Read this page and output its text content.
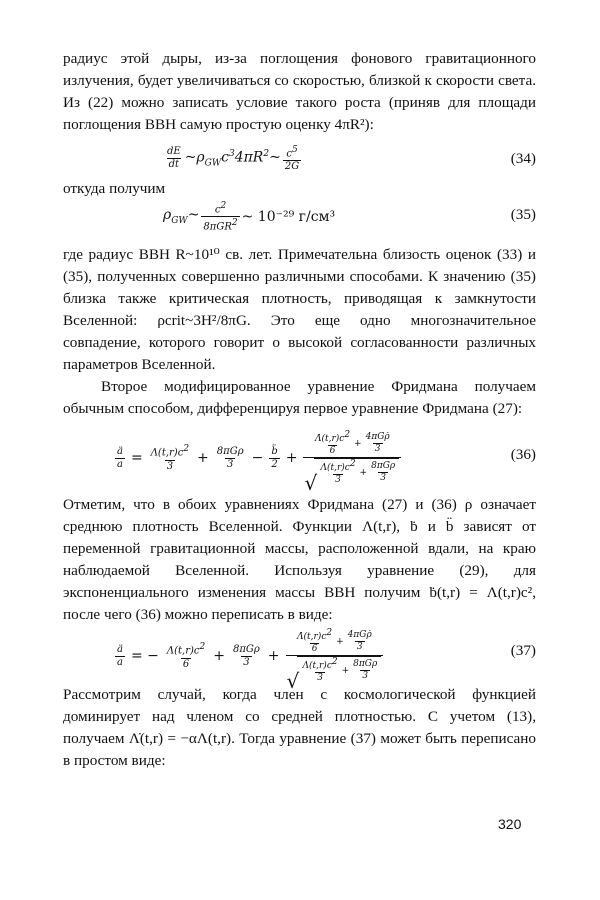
радиус этой дыры, из-за поглощения фонового гравитационного излучения, будет увеличиваться со скоростью, близкой к скорости света. Из (22) можно записать условие такого роста (приняв для площади поглощения ВВН самую простую оценку 4πR²):

$\frac{dE}{dt}$ $\sim\rho_{GW}c^34\pi R^2\sim \frac{c^5}{2G}$	(34)

откуда получим

$\rho_{GW}\sim \frac{c^2}{8\pi GR^2}$ ~ 10⁻²⁹ г/см³	(35)

где радиус ВВН R~10¹⁰ св. лет. Примечательна близость оценок (33) и (35), полученных совершенно различными способами. К значению (35) близка также критическая плотность, приводящая к замкнутости Вселенной: ρcrit~3H²/8πG. Это еще одно многозначительное совпадение, которого говорит о высокой согласованности различных параметров Вселенной.

Второе модифицированное уравнение Фридмана получаем обычным способом, дифференцируя первое уравнение Фридмана (27):

$\frac{ä}{a} = \frac{\Lambda(t,r)c^2}{3} + \frac{\text{8πGρ}}{3} - \frac{b̈}{2} + \frac{\Lambdȧ(t,r)c^2}{6} + \frac{\text{4πGρ̇}}{3}$
√ $\frac{\Lambda(t,r)c^2}{3} + \frac{\text{8πGρ}}{3}$	(36)

Отметим, что в обоих уравнениях Фридмана (27) и (36) ρ означает среднюю плотность Вселенной. Функции Λ(t,r), ḃ и b̈ зависят от переменной гравитационной массы, расположенной вдали, на краю наблюдаемой Вселенной. Используя уравнение (29), для экспоненциального изменения массы ВВН получим ḃ(t,r) = Λ(t,r)c², после чего (36) можно переписать в виде:

$\frac{ä}{a}$ = − $\frac{\Lambda(t,r)c^2}{6} + \frac{\text{8πGρ}}{3} + \frac{\Lambdȧ(t,r)c^2}{6} + \frac{\text{4πGρ̇}}{3}$
√ $\frac{\Lambda(t,r)c^2}{3} + \frac{\text{8πGρ}}{3}$	(37)

Рассмотрим случай, когда член с космологической функцией доминирует над членом со средней плотностью. С учетом (13), получаем Λ̇(t,r) = −αΛ(t,r). Тогда уравнение (37) может быть переписано в простом виде:

320
